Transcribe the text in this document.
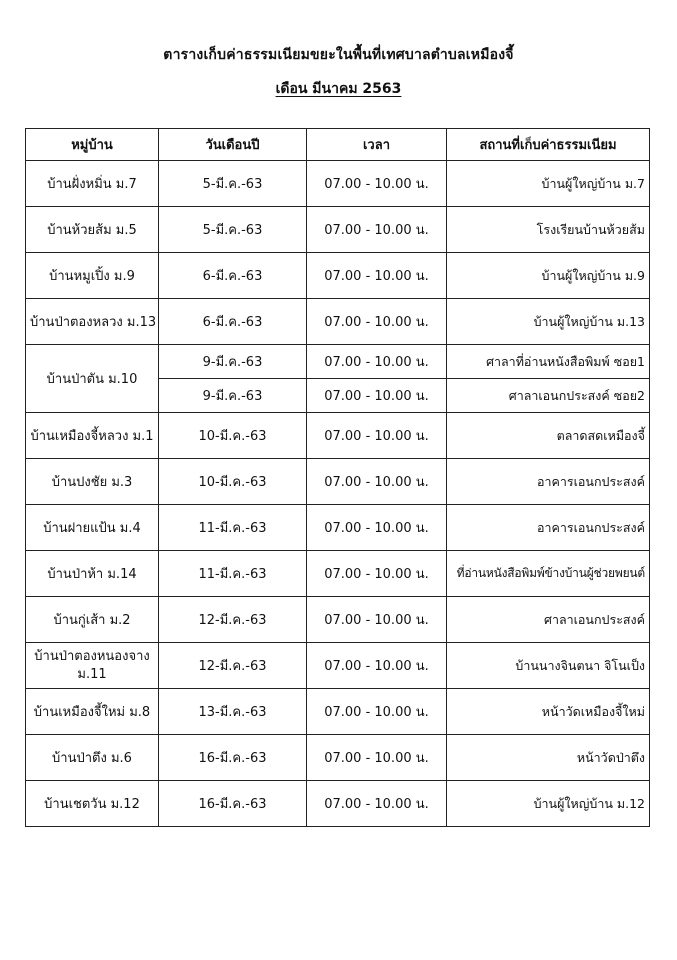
ตารางเก็บค่าธรรมเนียมขยะในพื้นที่เทศบาลตำบลเหมืองจี้
เดือน มีนาคม 2563
หมู่บ้าน	วันเดือนปี	เวลา	สถานที่เก็บค่าธรรมเนียม
บ้านฝั่งหมิ่น ม.7	5-มี.ค.-63	07.00 - 10.00 น.	บ้านผู้ใหญ่บ้าน ม.7
บ้านห้วยส้ม ม.5	5-มี.ค.-63	07.00 - 10.00 น.	โรงเรียนบ้านห้วยส้ม
บ้านหมูเปิ้ง ม.9	6-มี.ค.-63	07.00 - 10.00 น.	บ้านผู้ใหญ่บ้าน ม.9
บ้านป่าตองหลวง ม.13	6-มี.ค.-63	07.00 - 10.00 น.	บ้านผู้ใหญ่บ้าน ม.13
บ้านป่าตัน ม.10	9-มี.ค.-63	07.00 - 10.00 น.	ศาลาที่อ่านหนังสือพิมพ์ ซอย1
	9-มี.ค.-63	07.00 - 10.00 น.	ศาลาเอนกประสงค์ ซอย2
บ้านเหมืองจี้หลวง ม.1	10-มี.ค.-63	07.00 - 10.00 น.	ตลาดสดเหมืองจี้
บ้านปงชัย ม.3	10-มี.ค.-63	07.00 - 10.00 น.	อาคารเอนกประสงค์
บ้านฝายแป้น ม.4	11-มี.ค.-63	07.00 - 10.00 น.	อาคารเอนกประสงค์
บ้านป่าห้า ม.14	11-มี.ค.-63	07.00 - 10.00 น.	ที่อ่านหนังสือพิมพ์ข้างบ้านผู้ช่วยพยนต์
บ้านกู่เส้า ม.2	12-มี.ค.-63	07.00 - 10.00 น.	ศาลาเอนกประสงค์
บ้านป่าตองหนองจาง ม.11	12-มี.ค.-63	07.00 - 10.00 น.	บ้านนางจินตนา จิโนเป็ง
บ้านเหมืองจี้ใหม่ ม.8	13-มี.ค.-63	07.00 - 10.00 น.	หน้าวัดเหมืองจี้ใหม่
บ้านป่าตึง ม.6	16-มี.ค.-63	07.00 - 10.00 น.	หน้าวัดป่าตึง
บ้านเชตวัน ม.12	16-มี.ค.-63	07.00 - 10.00 น.	บ้านผู้ใหญ่บ้าน ม.12
